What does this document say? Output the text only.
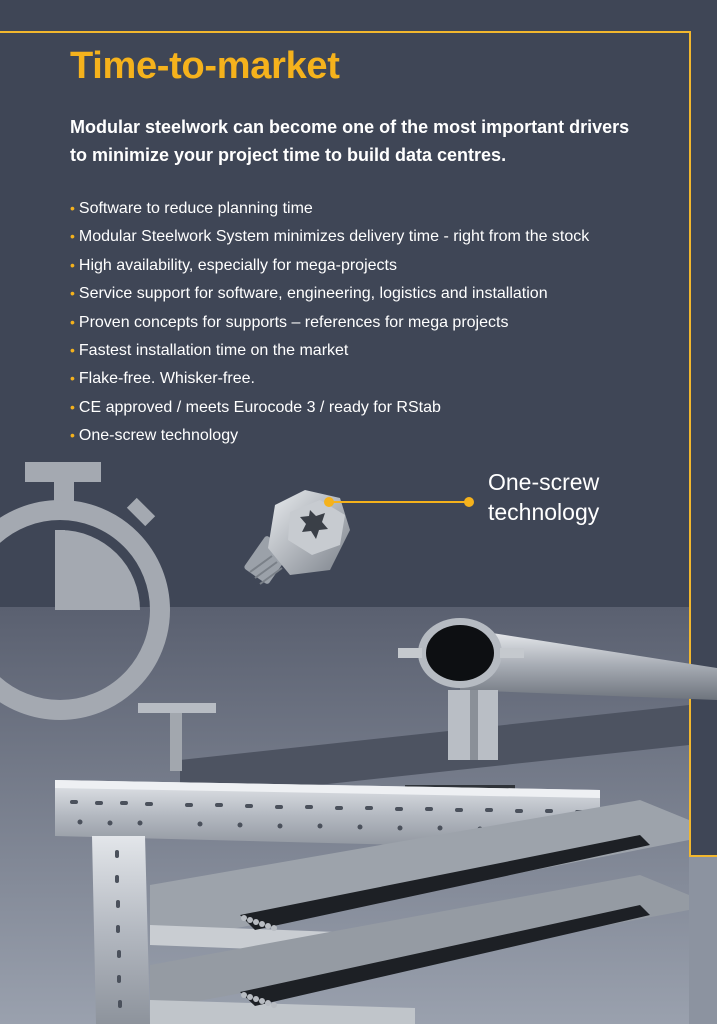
Time-to-market

Modular steelwork can become one of the most important drivers to minimize your project time to build data centres.

• Software to reduce planning time
• Modular Steelwork System minimizes delivery time - right from the stock
• High availability, especially for mega-projects
• Service support for software, engineering, logistics and installation
• Proven concepts for supports – references for mega projects
• Fastest installation time on the market
• Flake-free. Whisker-free.
• CE approved / meets Eurocode 3 / ready for RStab
• One-screw technology

One-screw
technology
